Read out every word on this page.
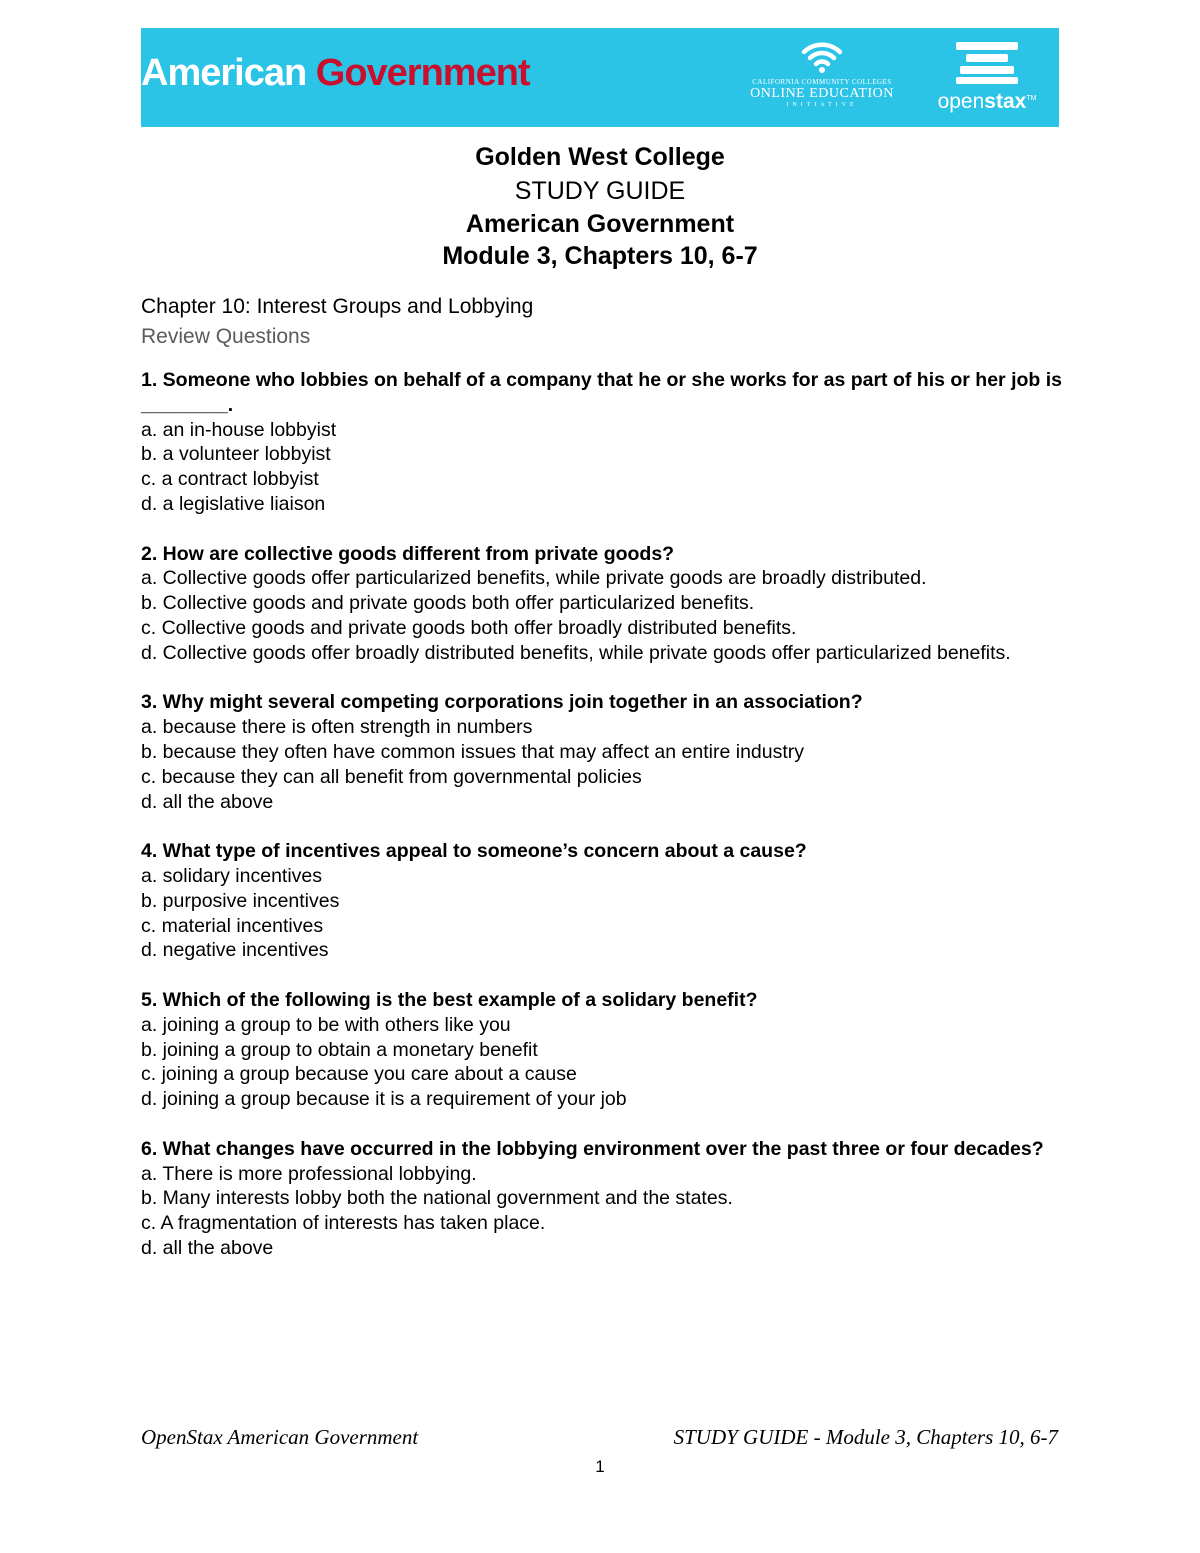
American Government	CALIFORNIA COMMUNITY COLLEGES
ONLINE EDUCATION
INITIATIVE	openstax™
Golden West College
STUDY GUIDE
American Government
Module 3, Chapters 10, 6-7
Chapter 10: Interest Groups and Lobbying
Review Questions
1. Someone who lobbies on behalf of a company that he or she works for as part of his or her job is ________.
a. an in-house lobbyist
b. a volunteer lobbyist
c. a contract lobbyist
d. a legislative liaison
2. How are collective goods different from private goods?
a. Collective goods offer particularized benefits, while private goods are broadly distributed.
b. Collective goods and private goods both offer particularized benefits.
c. Collective goods and private goods both offer broadly distributed benefits.
d. Collective goods offer broadly distributed benefits, while private goods offer particularized benefits.
3. Why might several competing corporations join together in an association?
a. because there is often strength in numbers
b. because they often have common issues that may affect an entire industry
c. because they can all benefit from governmental policies
d. all the above
4. What type of incentives appeal to someone’s concern about a cause?
a. solidary incentives
b. purposive incentives
c. material incentives
d. negative incentives
5. Which of the following is the best example of a solidary benefit?
a. joining a group to be with others like you
b. joining a group to obtain a monetary benefit
c. joining a group because you care about a cause
d. joining a group because it is a requirement of your job
6. What changes have occurred in the lobbying environment over the past three or four decades?
a. There is more professional lobbying.
b. Many interests lobby both the national government and the states.
c. A fragmentation of interests has taken place.
d. all the above
OpenStax American Government	STUDY GUIDE - Module 3, Chapters 10, 6-7
1
